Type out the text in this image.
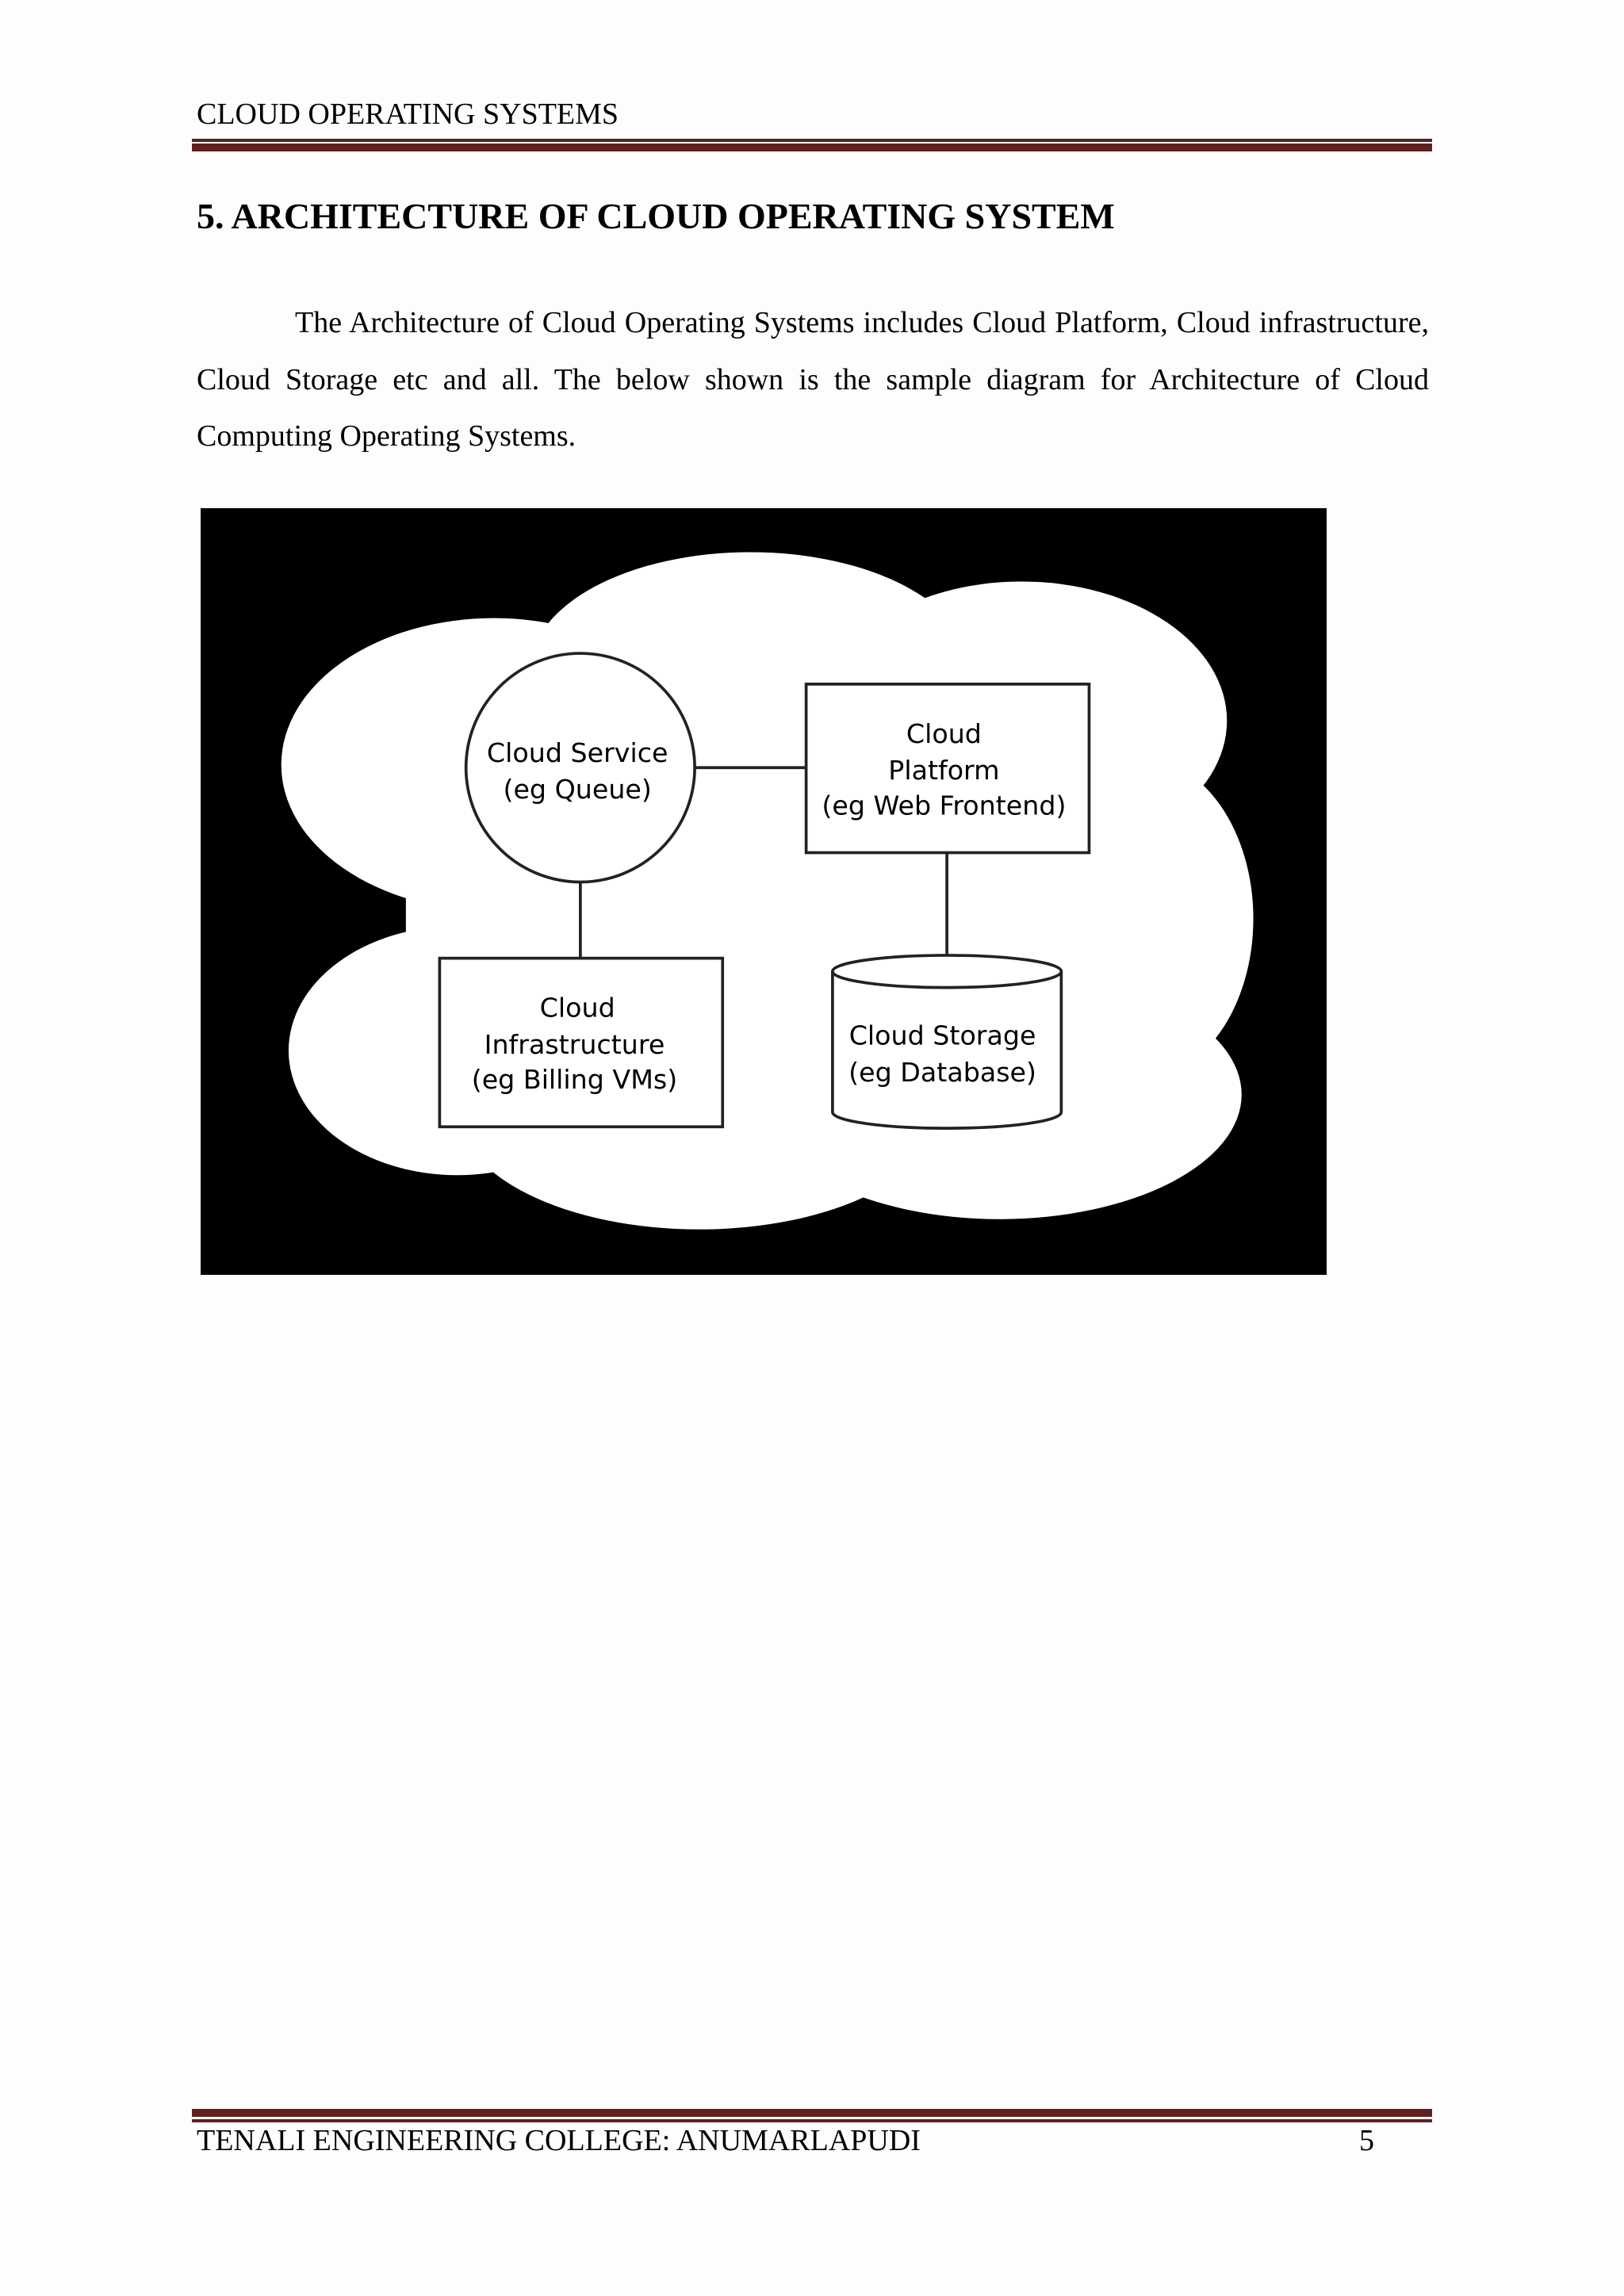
CLOUD OPERATING SYSTEMS
5. ARCHITECTURE OF CLOUD OPERATING SYSTEM
The Architecture of Cloud Operating Systems includes Cloud Platform, Cloud infrastructure, Cloud Storage etc and all. The below shown is the sample diagram for Architecture of Cloud Computing Operating Systems.
Cloud Service
(eg Queue)
Cloud
Platform
(eg Web Frontend)
Cloud
Infrastructure
(eg Billing VMs)
Cloud Storage
(eg Database)
TENALI ENGINEERING COLLEGE: ANUMARLAPUDI	5
